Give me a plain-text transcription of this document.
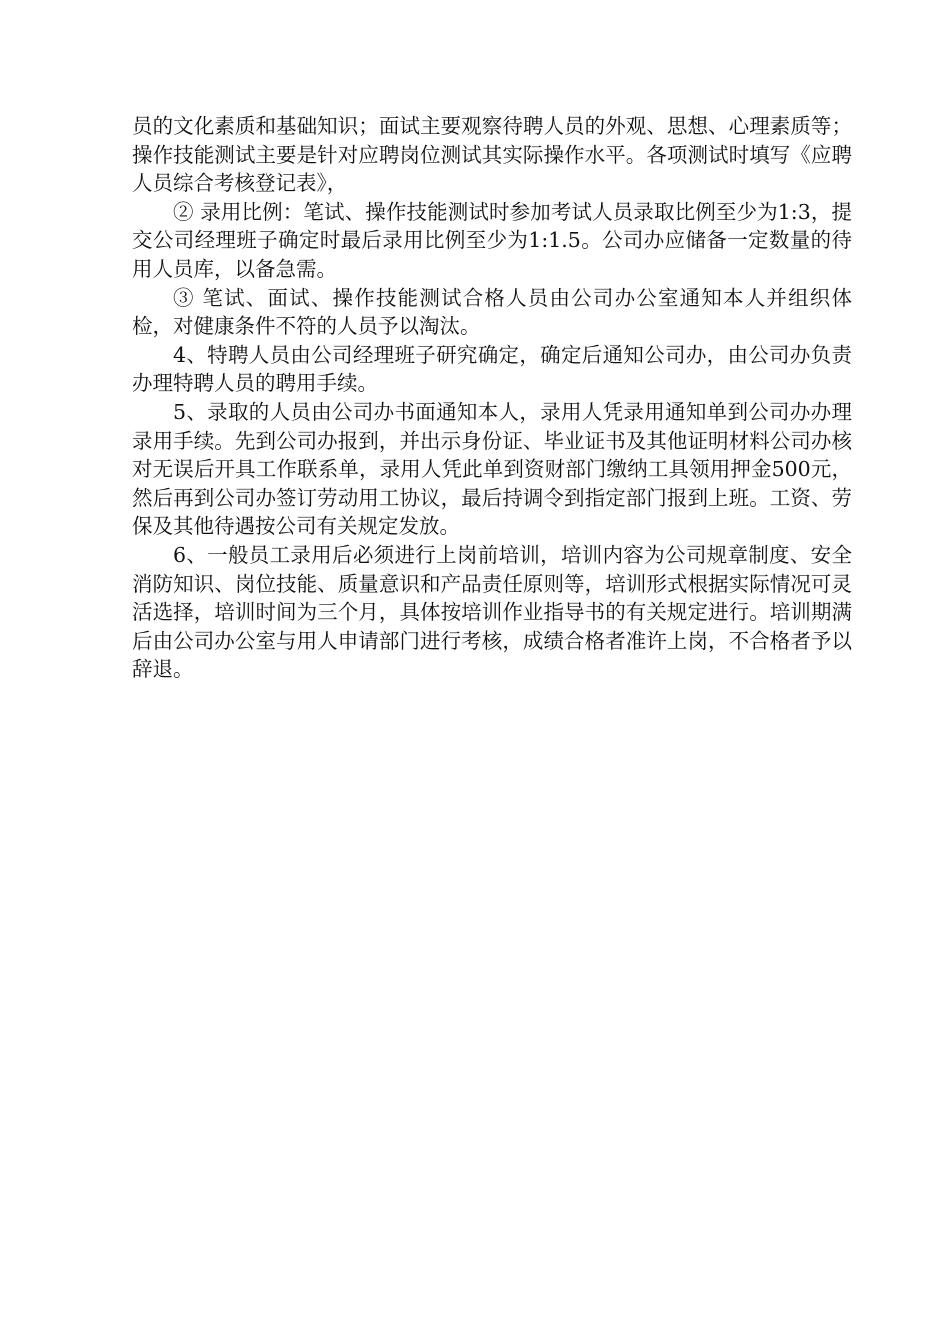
员的文化素质和基础知识；面试主要观察待聘人员的外观、思想、心理素质等；操作技能测试主要是针对应聘岗位测试其实际操作水平。各项测试时填写《应聘人员综合考核登记表》，

② 录用比例：笔试、操作技能测试时参加考试人员录取比例至少为1:3，提交公司经理班子确定时最后录用比例至少为1:1.5。公司办应储备一定数量的待用人员库，以备急需。

③ 笔试、面试、操作技能测试合格人员由公司办公室通知本人并组织体检，对健康条件不符的人员予以淘汰。

4、特聘人员由公司经理班子研究确定，确定后通知公司办，由公司办负责办理特聘人员的聘用手续。

5、录取的人员由公司办书面通知本人，录用人凭录用通知单到公司办办理录用手续。先到公司办报到，并出示身份证、毕业证书及其他证明材料公司办核对无误后开具工作联系单，录用人凭此单到资财部门缴纳工具领用押金500元，然后再到公司办签订劳动用工协议，最后持调令到指定部门报到上班。工资、劳保及其他待遇按公司有关规定发放。

6、一般员工录用后必须进行上岗前培训，培训内容为公司规章制度、安全消防知识、岗位技能、质量意识和产品责任原则等，培训形式根据实际情况可灵活选择，培训时间为三个月，具体按培训作业指导书的有关规定进行。培训期满后由公司办公室与用人申请部门进行考核，成绩合格者准许上岗，不合格者予以辞退。
